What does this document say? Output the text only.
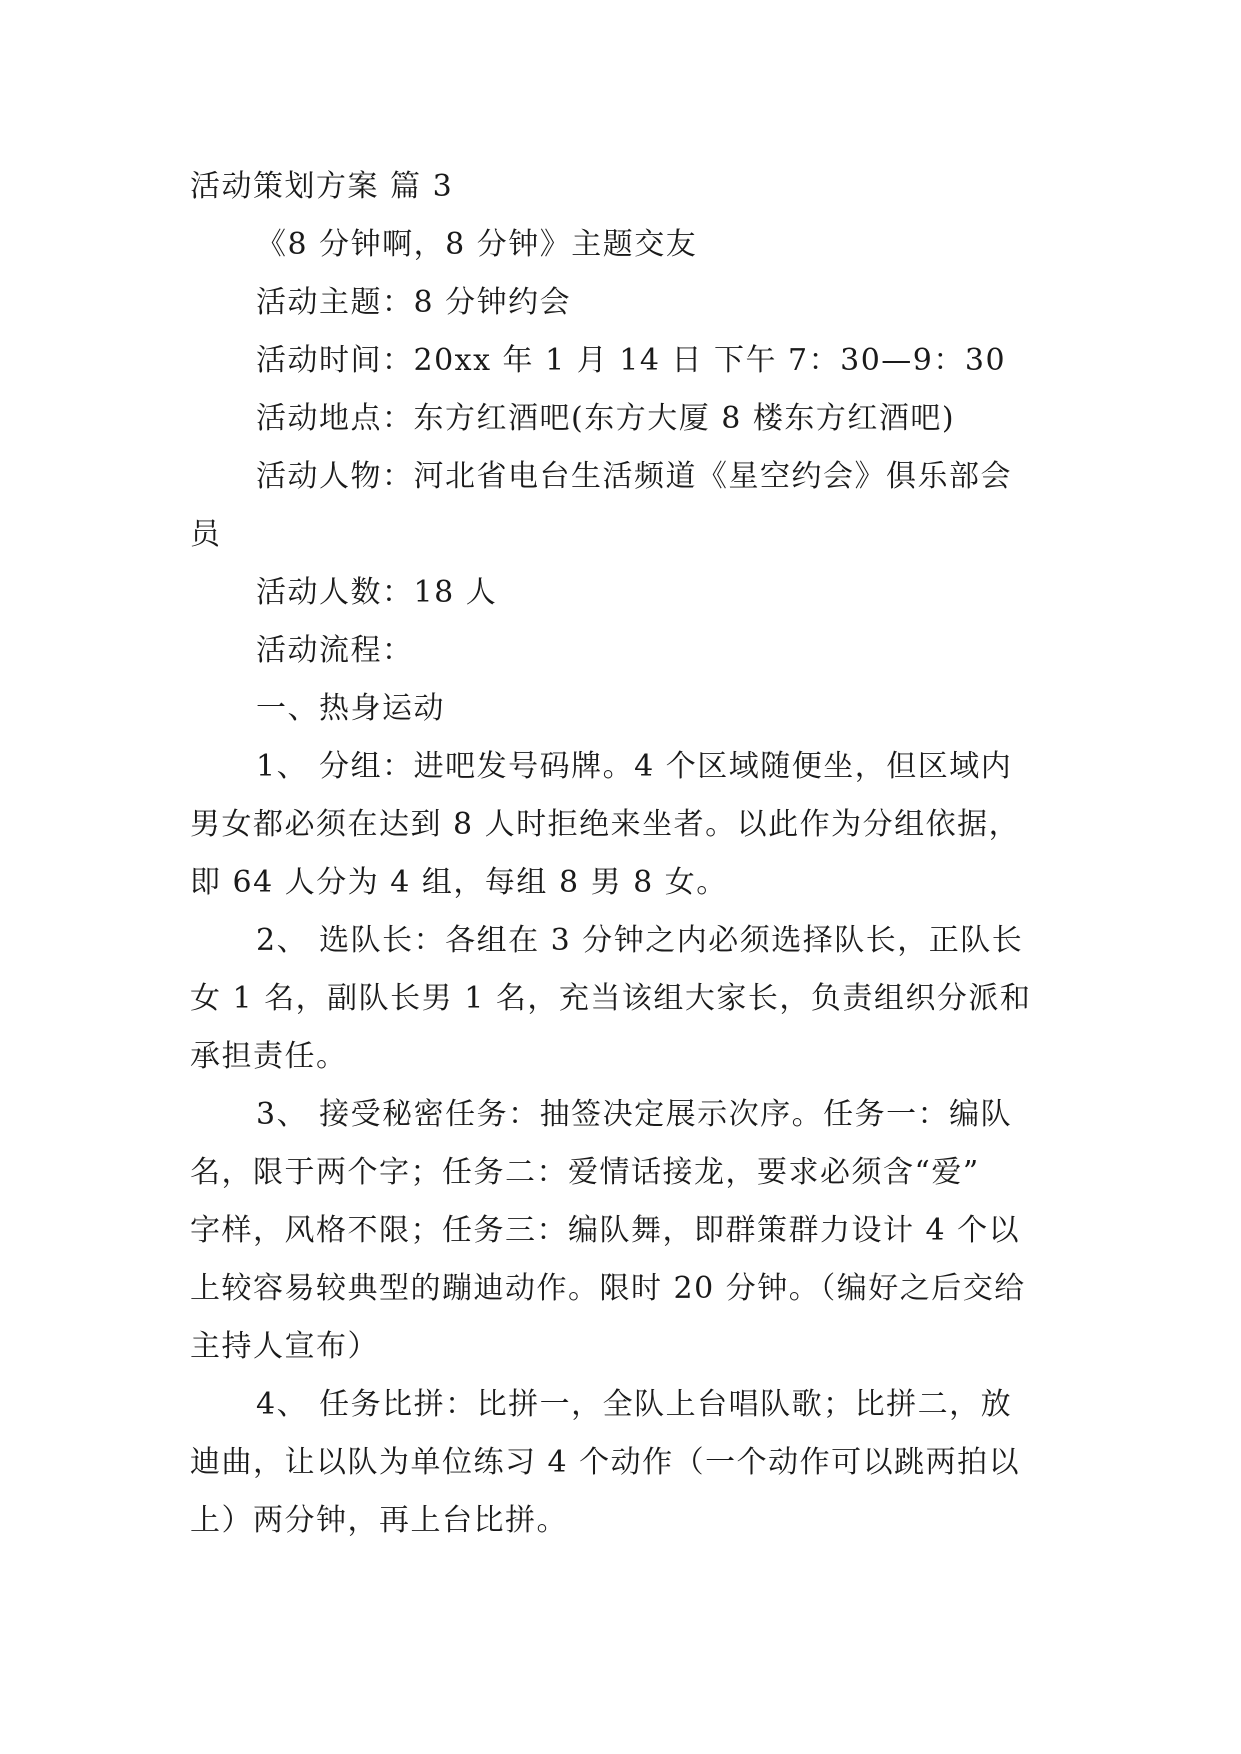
活动策划方案 篇 3

《8 分钟啊，8 分钟》主题交友

活动主题：8 分钟约会

活动时间：20xx 年 1 月 14 日 下午 7：30—9：30

活动地点：东方红酒吧(东方大厦 8 楼东方红酒吧)

活动人物：河北省电台生活频道《星空约会》俱乐部会

员

活动人数：18 人

活动流程：

一、热身运动

1、 分组：进吧发号码牌。4 个区域随便坐，但区域内

男女都必须在达到 8 人时拒绝来坐者。以此作为分组依据，

即 64 人分为 4 组，每组 8 男 8 女。

2、 选队长：各组在 3 分钟之内必须选择队长，正队长

女 1 名，副队长男 1 名，充当该组大家长，负责组织分派和

承担责任。

3、 接受秘密任务：抽签决定展示次序。任务一：编队

名，限于两个字；任务二：爱情话接龙，要求必须含“爱”

字样，风格不限；任务三：编队舞，即群策群力设计 4 个以

上较容易较典型的蹦迪动作。限时 20 分钟。（编好之后交给

主持人宣布）

4、 任务比拼：比拼一，全队上台唱队歌；比拼二，放

迪曲，让以队为单位练习 4 个动作（一个动作可以跳两拍以

上）两分钟，再上台比拼。
